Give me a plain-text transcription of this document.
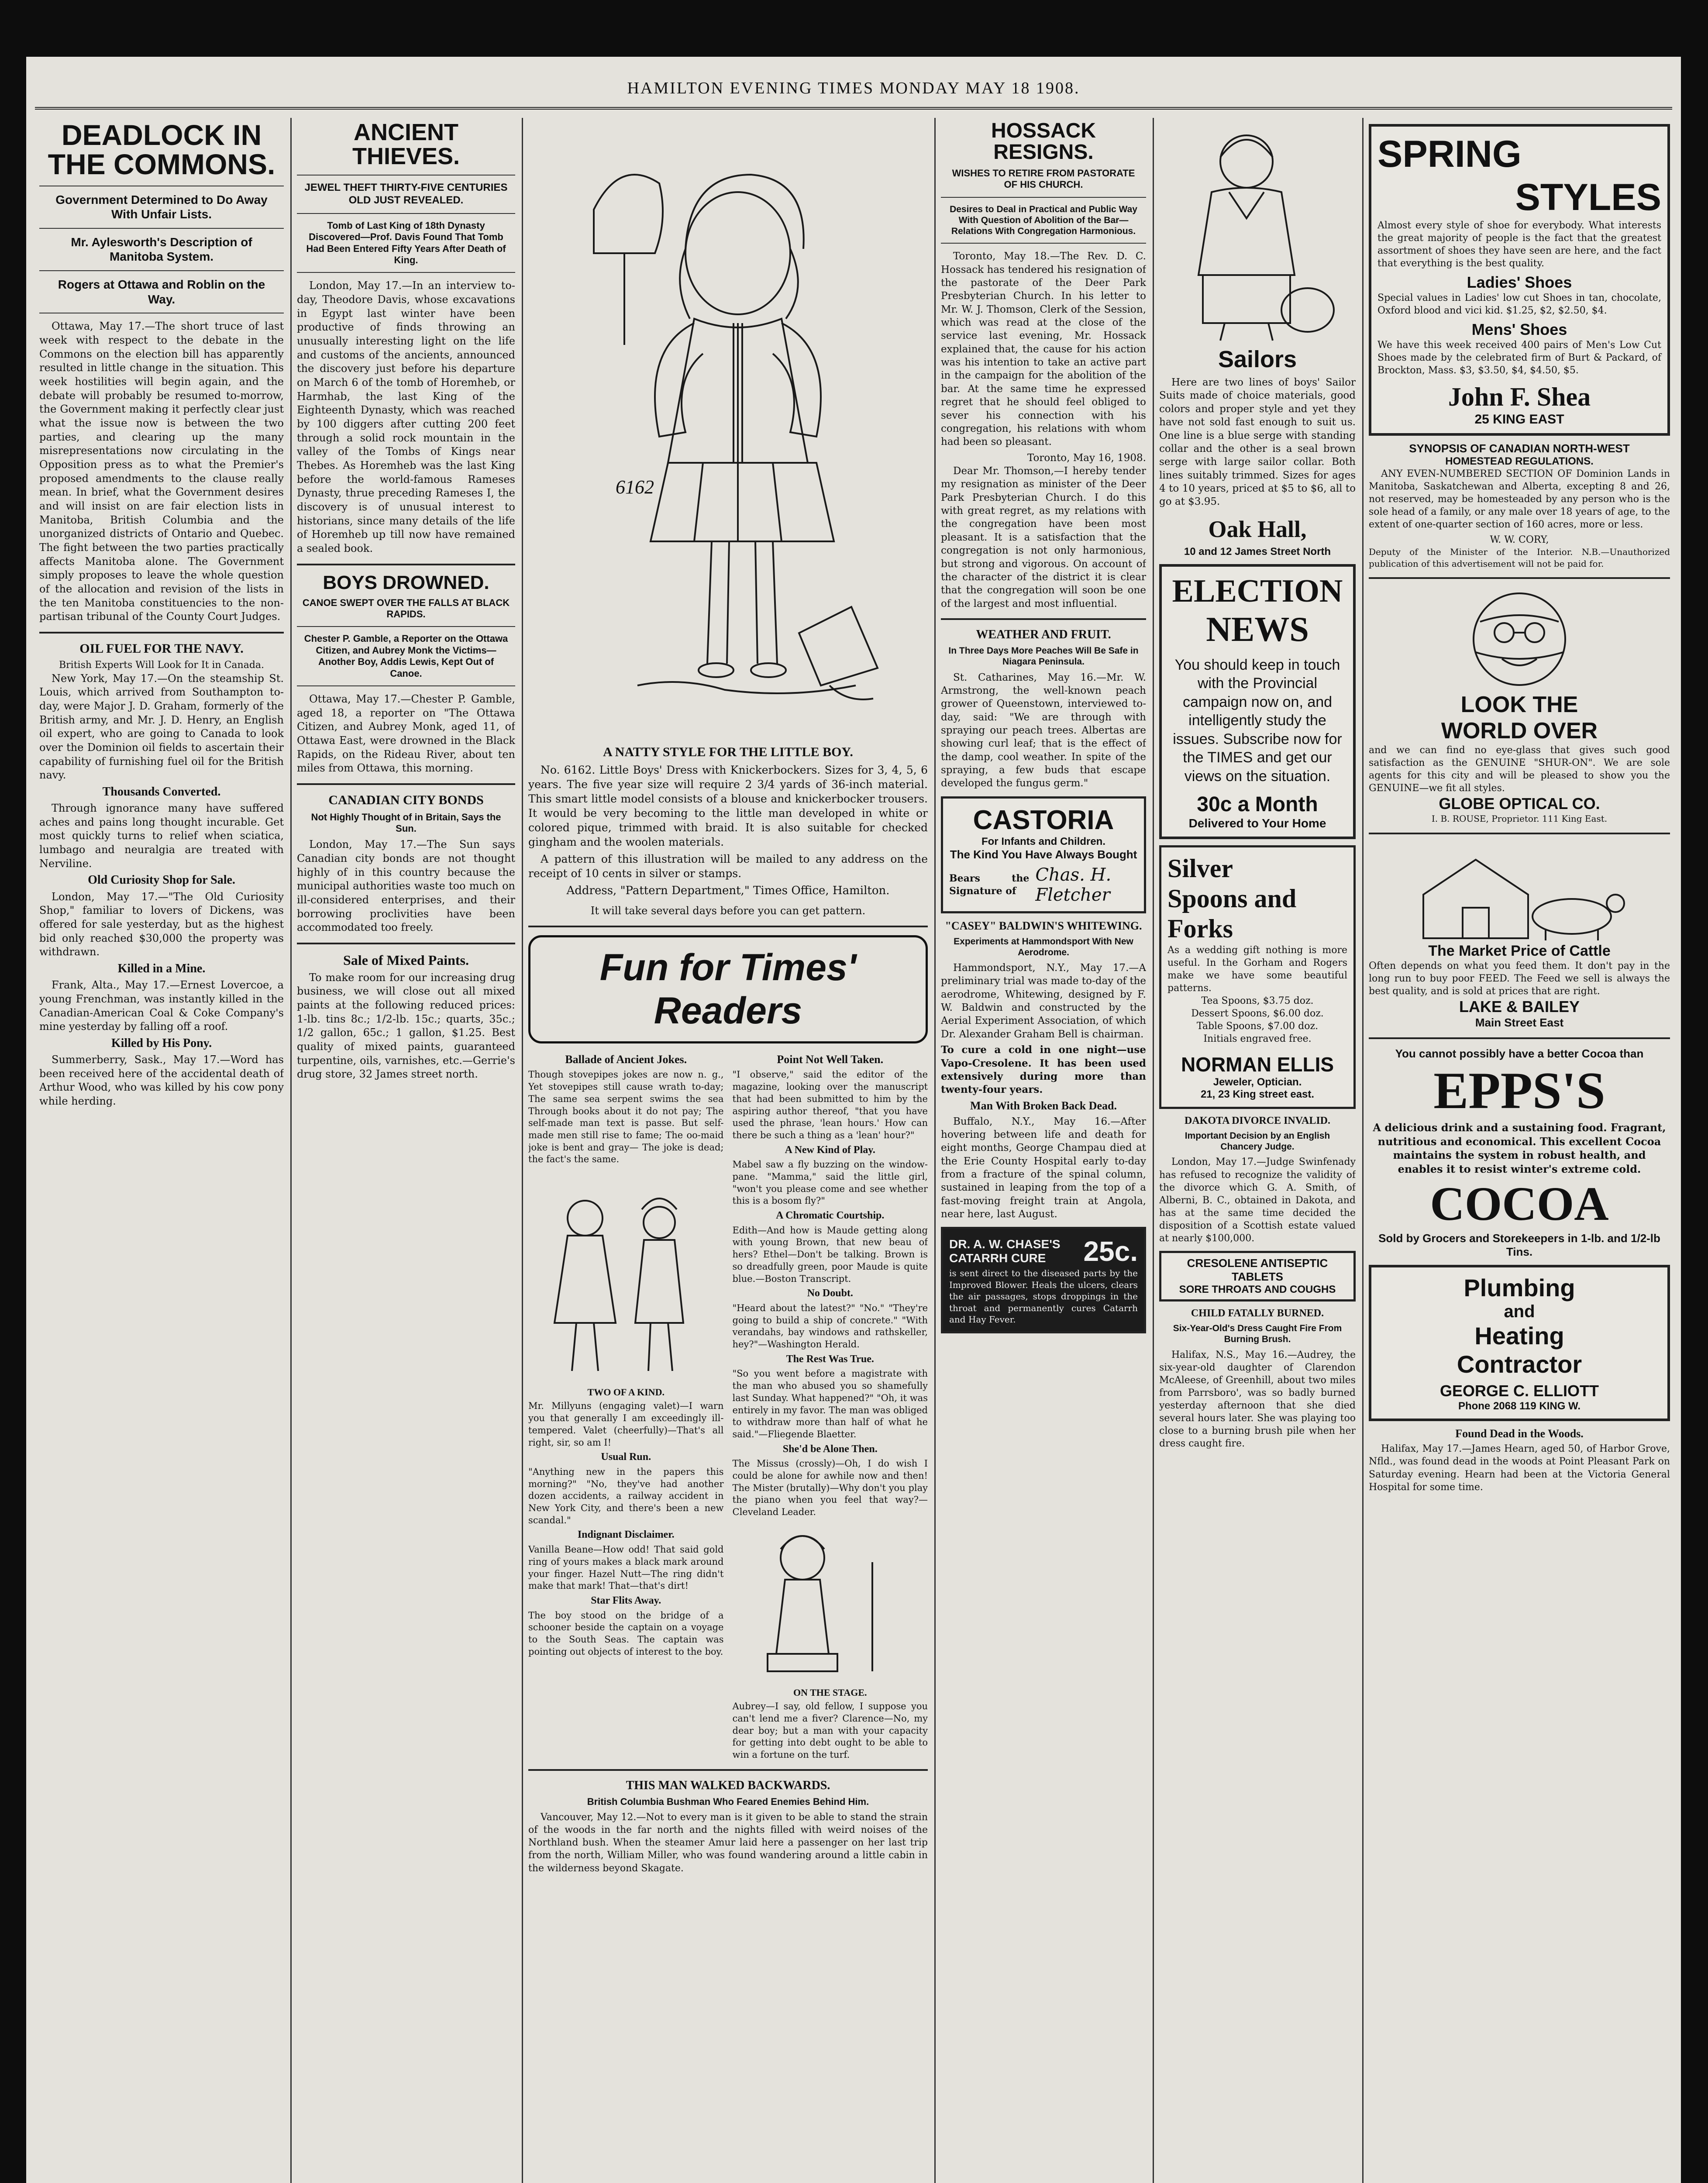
HAMILTON EVENING TIMES MONDAY MAY 18 1908.
DEADLOCK IN
THE COMMONS.
Government Determined to Do Away With Unfair Lists.
Mr. Aylesworth's Description of Manitoba System.
Rogers at Ottawa and Roblin on the Way.

Ottawa, May 17.—The short truce of last week with respect to the debate in the Commons on the election bill has apparently resulted in little change in the situation. This week hostilities will begin again, and the debate will probably be resumed to-morrow, the Government making it perfectly clear just what the issue now is between the two parties, and clearing up the many misrepresentations now circulating in the Opposition press as to what the Premier's proposed amendments to the clause really mean. In brief, what the Government desires and will insist on are fair election lists in Manitoba, British Columbia and the unorganized districts of Ontario and Quebec. The fight between the two parties practically affects Manitoba alone. The Government simply proposes to leave the whole question of the allocation and revision of the lists in the ten Manitoba constituencies to the non-partisan tribunal of the County Court Judges.

OIL FUEL FOR THE NAVY.
British Experts Will Look for It in Canada.

New York, May 17.—On the steamship St. Louis, which arrived from Southampton to-day, were Major J. D. Graham, formerly of the British army, and Mr. J. D. Henry, an English oil expert, who are going to Canada to look over the Dominion oil fields to ascertain their capability of furnishing fuel oil for the British navy.

Thousands Converted.

Through ignorance many have suffered aches and pains long thought incurable. Get most quickly turns to relief when sciatica, lumbago and neuralgia are treated with Nerviline.

Old Curiosity Shop for Sale.

London, May 17.—"The Old Curiosity Shop," familiar to lovers of Dickens, was offered for sale yesterday, but as the highest bid only reached $30,000 the property was withdrawn.

Killed in a Mine.

Frank, Alta., May 17.—Ernest Lovercoe, a young Frenchman, was instantly killed in the Canadian-American Coal & Coke Company's mine yesterday by falling off a roof.

Killed by His Pony.

Summerberry, Sask., May 17.—Word has been received here of the accidental death of Arthur Wood, who was killed by his cow pony while herding.

ANCIENT THIEVES.
JEWEL THEFT THIRTY-FIVE CENTURIES OLD JUST REVEALED.
Tomb of Last King of 18th Dynasty Discovered—Prof. Davis Found That Tomb Had Been Entered Fifty Years After Death of King.

London, May 17.—In an interview to-day, Theodore Davis, whose excavations in Egypt last winter have been productive of finds throwing an unusually interesting light on the life and customs of the ancients, announced the discovery just before his departure on March 6 of the tomb of Horemheb, or Harmhab, the last King of the Eighteenth Dynasty, which was reached by 100 diggers after cutting 200 feet through a solid rock mountain in the valley of the Tombs of Kings near Thebes. As Horemheb was the last King before the world-famous Rameses Dynasty, thrue preceding Rameses I, the discovery is of unusual interest to historians, since many details of the life of Horemheb up till now have remained a sealed book.

BOYS DROWNED.
CANOE SWEPT OVER THE FALLS AT BLACK RAPIDS.
Chester P. Gamble, a Reporter on the Ottawa Citizen, and Aubrey Monk the Victims—Another Boy, Addis Lewis, Kept Out of Canoe.

Ottawa, May 17.—Chester P. Gamble, aged 18, a reporter on "The Ottawa Citizen, and Aubrey Monk, aged 11, of Ottawa East, were drowned in the Black Rapids, on the Rideau River, about ten miles from Ottawa, this morning.

CANADIAN CITY BONDS
Not Highly Thought of in Britain, Says the Sun.

London, May 17.—The Sun says Canadian city bonds are not thought highly of in this country because the municipal authorities waste too much on ill-considered enterprises, and their borrowing proclivities have been accommodated too freely.

Sale of Mixed Paints.

To make room for our increasing drug business, we will close out all mixed paints at the following reduced prices: 1-lb. tins 8c.; 1/2-lb. 15c.; quarts, 35c.; 1/2 gallon, 65c.; 1 gallon, $1.25. Best quality of mixed paints, guaranteed turpentine, oils, varnishes, etc.—Gerrie's drug store, 32 James street north.

6162
A NATTY STYLE FOR THE LITTLE BOY.

No. 6162. Little Boys' Dress with Knickerbockers. Sizes for 3, 4, 5, 6 years. The five year size will require 2 3/4 yards of 36-inch material. This smart little model consists of a blouse and knickerbocker trousers. It would be very becoming to the little man developed in white or colored pique, trimmed with braid. It is also suitable for checked gingham and the woolen materials.

A pattern of this illustration will be mailed to any address on the receipt of 10 cents in silver or stamps.

Address, "Pattern Department," Times Office, Hamilton.
It will take several days before you can get pattern.
Fun for Times' Readers
Ballade of Ancient Jokes.
Though stovepipes jokes are now n. g., Yet stovepipes still cause wrath to-day; The same sea serpent swims the sea Through books about it do not pay; The self-made man text is passe. But self-made men still rise to fame; The oo-maid joke is bent and gray— The joke is dead; the fact's the same.
TWO OF A KIND.
Mr. Millyuns (engaging valet)—I warn you that generally I am exceedingly ill-tempered. Valet (cheerfully)—That's all right, sir, so am I!
Usual Run.
"Anything new in the papers this morning?" "No, they've had another dozen accidents, a railway accident in New York City, and there's been a new scandal."
Indignant Disclaimer.
Vanilla Beane—How odd! That said gold ring of yours makes a black mark around your finger. Hazel Nutt—The ring didn't make that mark! That—that's dirt!
Star Flits Away.
The boy stood on the bridge of a schooner beside the captain on a voyage to the South Seas. The captain was pointing out objects of interest to the boy.
Point Not Well Taken.
"I observe," said the editor of the magazine, looking over the manuscript that had been submitted to him by the aspiring author thereof, "that you have used the phrase, 'lean hours.' How can there be such a thing as a 'lean' hour?"
A New Kind of Play.
Mabel saw a fly buzzing on the window-pane. "Mamma," said the little girl, "won't you please come and see whether this is a bosom fly?"
A Chromatic Courtship.
Edith—And how is Maude getting along with young Brown, that new beau of hers? Ethel—Don't be talking. Brown is so dreadfully green, poor Maude is quite blue.—Boston Transcript.
No Doubt.
"Heard about the latest?" "No." "They're going to build a ship of concrete." "With verandahs, bay windows and rathskeller, hey?"—Washington Herald.
The Rest Was True.
"So you went before a magistrate with the man who abused you so shamefully last Sunday. What happened?" "Oh, it was entirely in my favor. The man was obliged to withdraw more than half of what he said."—Fliegende Blaetter.
She'd be Alone Then.
The Missus (crossly)—Oh, I do wish I could be alone for awhile now and then! The Mister (brutally)—Why don't you play the piano when you feel that way?—Cleveland Leader.
ON THE STAGE.
Aubrey—I say, old fellow, I suppose you can't lend me a fiver? Clarence—No, my dear boy; but a man with your capacity for getting into debt ought to be able to win a fortune on the turf.
THIS MAN WALKED BACKWARDS.
British Columbia Bushman Who Feared Enemies Behind Him.

Vancouver, May 12.—Not to every man is it given to be able to stand the strain of the woods in the far north and the nights filled with weird noises of the Northland bush. When the steamer Amur laid here a passenger on her last trip from the north, William Miller, who was found wandering around a little cabin in the wilderness beyond Skagate.

HOSSACK RESIGNS.
WISHES TO RETIRE FROM PASTORATE OF HIS CHURCH.
Desires to Deal in Practical and Public Way With Question of Abolition of the Bar—Relations With Congregation Harmonious.

Toronto, May 18.—The Rev. D. C. Hossack has tendered his resignation of the pastorate of the Deer Park Presbyterian Church. In his letter to Mr. W. J. Thomson, Clerk of the Session, which was read at the close of the service last evening, Mr. Hossack explained that, the cause for his action was his intention to take an active part in the campaign for the abolition of the bar. At the same time he expressed regret that he should feel obliged to sever his connection with his congregation, his relations with whom had been so pleasant.

Toronto, May 16, 1908.

Dear Mr. Thomson,—I hereby tender my resignation as minister of the Deer Park Presbyterian Church. I do this with great regret, as my relations with the congregation have been most pleasant. It is a satisfaction that the congregation is not only harmonious, but strong and vigorous. On account of the character of the district it is clear that the congregation will soon be one of the largest and most influential.

WEATHER AND FRUIT.
In Three Days More Peaches Will Be Safe in Niagara Peninsula.

St. Catharines, May 16.—Mr. W. Armstrong, the well-known peach grower of Queenstown, interviewed to-day, said: "We are through with spraying our peach trees. Albertas are showing curl leaf; that is the effect of the damp, cool weather. In spite of the spraying, a few buds that escape developed the fungus germ."

CASTORIA
For Infants and Children.
The Kind You Have Always Bought
Bears the Signature of
Chas. H. Fletcher
"CASEY" BALDWIN'S WHITEWING.
Experiments at Hammondsport With New Aerodrome.

Hammondsport, N.Y., May 17.—A preliminary trial was made to-day of the aerodrome, Whitewing, designed by F. W. Baldwin and constructed by the Aerial Experiment Association, of which Dr. Alexander Graham Bell is chairman.

To cure a cold in one night—use Vapo-Cresolene. It has been used extensively during more than twenty-four years.
Man With Broken Back Dead.

Buffalo, N.Y., May 16.—After hovering between life and death for eight months, George Champau died at the Erie County Hospital early to-day from a fracture of the spinal column, sustained in leaping from the top of a fast-moving freight train at Angola, near here, last August.

DR. A. W. CHASE'S CATARRH CURE	25c.
is sent direct to the diseased parts by the Improved Blower. Heals the ulcers, clears the air passages, stops droppings in the throat and permanently cures Catarrh and Hay Fever.
Sailors

Here are two lines of boys' Sailor Suits made of choice materials, good colors and proper style and yet they have not sold fast enough to suit us. One line is a blue serge with standing collar and the other is a seal brown serge with large sailor collar. Both lines suitably trimmed. Sizes for ages 4 to 10 years, priced at $5 to $6, all to go at $3.95.

Oak Hall,
10 and 12 James Street North
ELECTION
NEWS
You should keep in touch with the Provincial campaign now on, and intelligently study the issues. Subscribe now for the TIMES and get our views on the situation.
30c a Month
Delivered to Your Home
Silver
Spoons and
Forks
As a wedding gift nothing is more useful. In the Gorham and Rogers make we have some beautiful patterns.
Tea Spoons, $3.75 doz.
Dessert Spoons, $6.00 doz.
Table Spoons, $7.00 doz.
Initials engraved free.
NORMAN ELLIS
Jeweler, Optician.
21, 23 King street east.
DAKOTA DIVORCE INVALID.
Important Decision by an English Chancery Judge.

London, May 17.—Judge Swinfenady has refused to recognize the validity of the divorce which G. A. Smith, of Alberni, B. C., obtained in Dakota, and has at the same time decided the disposition of a Scottish estate valued at nearly $100,000.

CRESOLENE ANTISEPTIC TABLETS
SORE THROATS AND COUGHS
CHILD FATALLY BURNED.
Six-Year-Old's Dress Caught Fire From Burning Brush.

Halifax, N.S., May 16.—Audrey, the six-year-old daughter of Clarendon McAleese, of Greenhill, about two miles from Parrsboro', was so badly burned yesterday afternoon that she died several hours later. She was playing too close to a burning brush pile when her dress caught fire.

SPRING
STYLES
Almost every style of shoe for everybody. What interests the great majority of people is the fact that the greatest assortment of shoes they have seen are here, and the fact that everything is the best quality.
Ladies' Shoes
Special values in Ladies' low cut Shoes in tan, chocolate, Oxford blood and vici kid. $1.25, $2, $2.50, $4.
Mens' Shoes
We have this week received 400 pairs of Men's Low Cut Shoes made by the celebrated firm of Burt & Packard, of Brockton, Mass. $3, $3.50, $4, $4.50, $5.
John F. Shea
25 KING EAST
SYNOPSIS OF CANADIAN NORTH-WEST
HOMESTEAD REGULATIONS.

ANY EVEN-NUMBERED SECTION OF Dominion Lands in Manitoba, Saskatchewan and Alberta, excepting 8 and 26, not reserved, may be homesteaded by any person who is the sole head of a family, or any male over 18 years of age, to the extent of one-quarter section of 160 acres, more or less.

W. W. CORY,
Deputy of the Minister of the Interior. N.B.—Unauthorized publication of this advertisement will not be paid for.
LOOK THE
WORLD OVER
and we can find no eye-glass that gives such good satisfaction as the GENUINE "SHUR-ON". We are sole agents for this city and will be pleased to show you the GENUINE—we fit all styles.
GLOBE OPTICAL CO.
I. B. ROUSE, Proprietor. 111 King East.
The Market Price of Cattle
Often depends on what you feed them. It don't pay in the long run to buy poor FEED. The Feed we sell is always the best quality, and is sold at prices that are right.
LAKE & BAILEY
Main Street East
You cannot possibly have a better Cocoa than
EPPS'S
A delicious drink and a sustaining food. Fragrant, nutritious and economical. This excellent Cocoa maintains the system in robust health, and enables it to resist winter's extreme cold.
COCOA
Sold by Grocers and Storekeepers in 1-lb. and 1/2-lb Tins.
Plumbing
and
Heating
Contractor
GEORGE C. ELLIOTT
Phone 2068 119 KING W.
Found Dead in the Woods.

Halifax, May 17.—James Hearn, aged 50, of Harbor Grove, Nfld., was found dead in the woods at Point Pleasant Park on Saturday evening. Hearn had been at the Victoria General Hospital for some time.
